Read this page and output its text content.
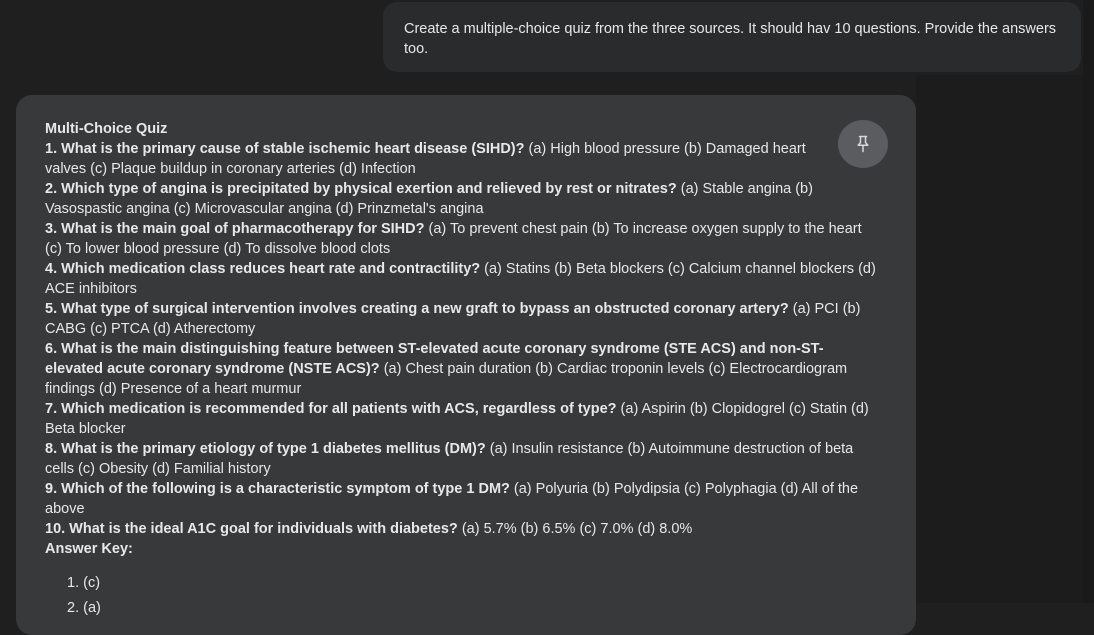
Create a multiple-choice quiz from the three sources. It should hav 10 questions. Provide the answers too.
Multi-Choice Quiz
1. What is the primary cause of stable ischemic heart disease (SIHD)? (a) High blood pressure (b) Damaged heart valves (c) Plaque buildup in coronary arteries (d) Infection
2. Which type of angina is precipitated by physical exertion and relieved by rest or nitrates? (a) Stable angina (b) Vasospastic angina (c) Microvascular angina (d) Prinzmetal's angina
3. What is the main goal of pharmacotherapy for SIHD? (a) To prevent chest pain (b) To increase oxygen supply to the heart (c) To lower blood pressure (d) To dissolve blood clots
4. Which medication class reduces heart rate and contractility? (a) Statins (b) Beta blockers (c) Calcium channel blockers (d) ACE inhibitors
5. What type of surgical intervention involves creating a new graft to bypass an obstructed coronary artery? (a) PCI (b) CABG (c) PTCA (d) Atherectomy
6. What is the main distinguishing feature between ST-elevated acute coronary syndrome (STE ACS) and non-ST-elevated acute coronary syndrome (NSTE ACS)? (a) Chest pain duration (b) Cardiac troponin levels (c) Electrocardiogram findings (d) Presence of a heart murmur
7. Which medication is recommended for all patients with ACS, regardless of type? (a) Aspirin (b) Clopidogrel (c) Statin (d) Beta blocker
8. What is the primary etiology of type 1 diabetes mellitus (DM)? (a) Insulin resistance (b) Autoimmune destruction of beta cells (c) Obesity (d) Familial history
9. Which of the following is a characteristic symptom of type 1 DM? (a) Polyuria (b) Polydipsia (c) Polyphagia (d) All of the above
10. What is the ideal A1C goal for individuals with diabetes? (a) 5.7% (b) 6.5% (c) 7.0% (d) 8.0%
Answer Key:
1. (c)
2. (a)
